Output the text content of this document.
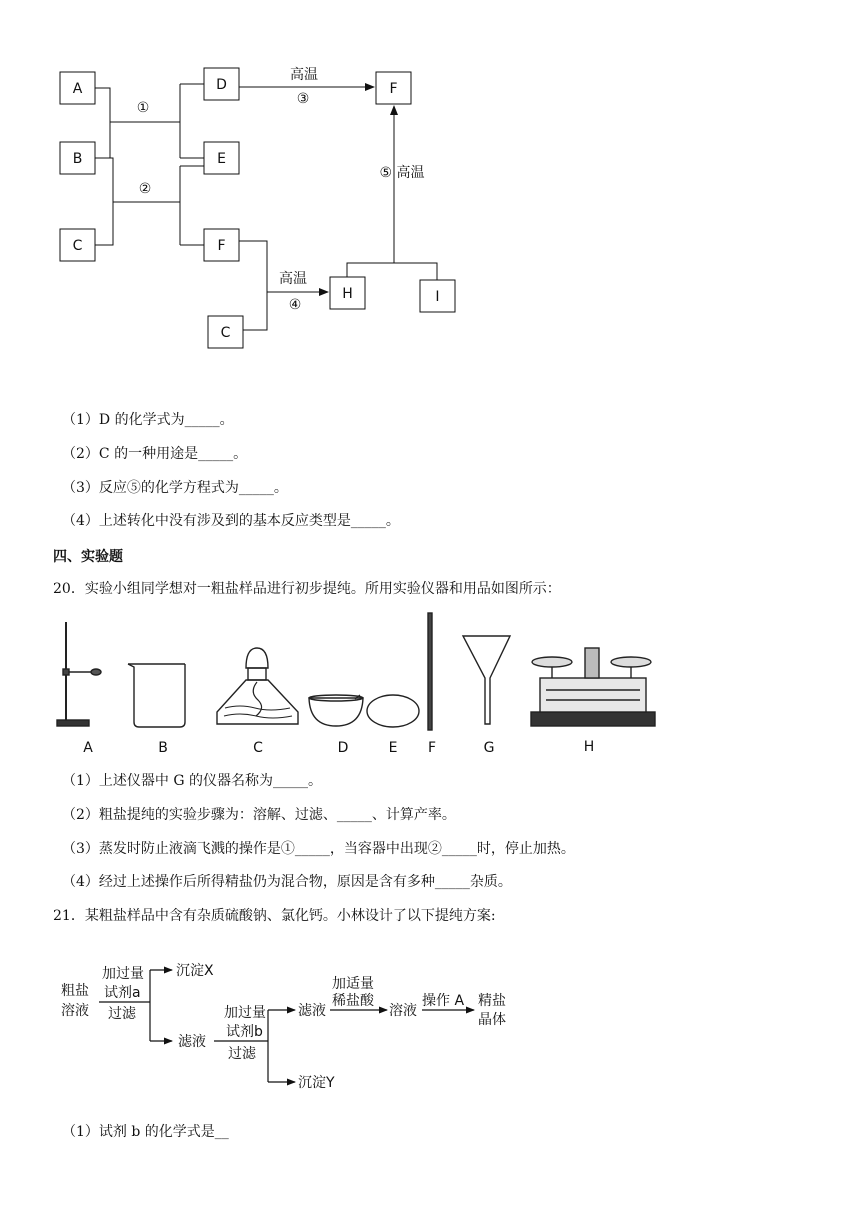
A
B
C
D
E
F
C
F
H	I
①
②
高温
③
高温
④
⑤ 高温
（1）D 的化学式为_____。
（2）C 的一种用途是_____。
（3）反应⑤的化学方程式为_____。
（4）上述转化中没有涉及到的基本反应类型是_____。
四、实验题
20．实验小组同学想对一粗盐样品进行初步提纯。所用实验仪器和用品如图所示：
A	B	C	D	E F	G	H
（1）上述仪器中 G 的仪器名称为_____。
（2）粗盐提纯的实验步骤为：溶解、过滤、_____、计算产率。
（3）蒸发时防止液滴飞溅的操作是①_____，当容器中出现②_____时，停止加热。
（4）经过上述操作后所得精盐仍为混合物，原因是含有多种_____杂质。
21．某粗盐样品中含有杂质硫酸钠、氯化钙。小林设计了以下提纯方案:
粗盐
溶液
加过量
试剂a
过滤
沉淀X
滤液
加过量
试剂b
过滤
滤液
沉淀Y
加适量
稀盐酸
溶液
操作 A 精盐
晶体
（1）试剂 b 的化学式是__
